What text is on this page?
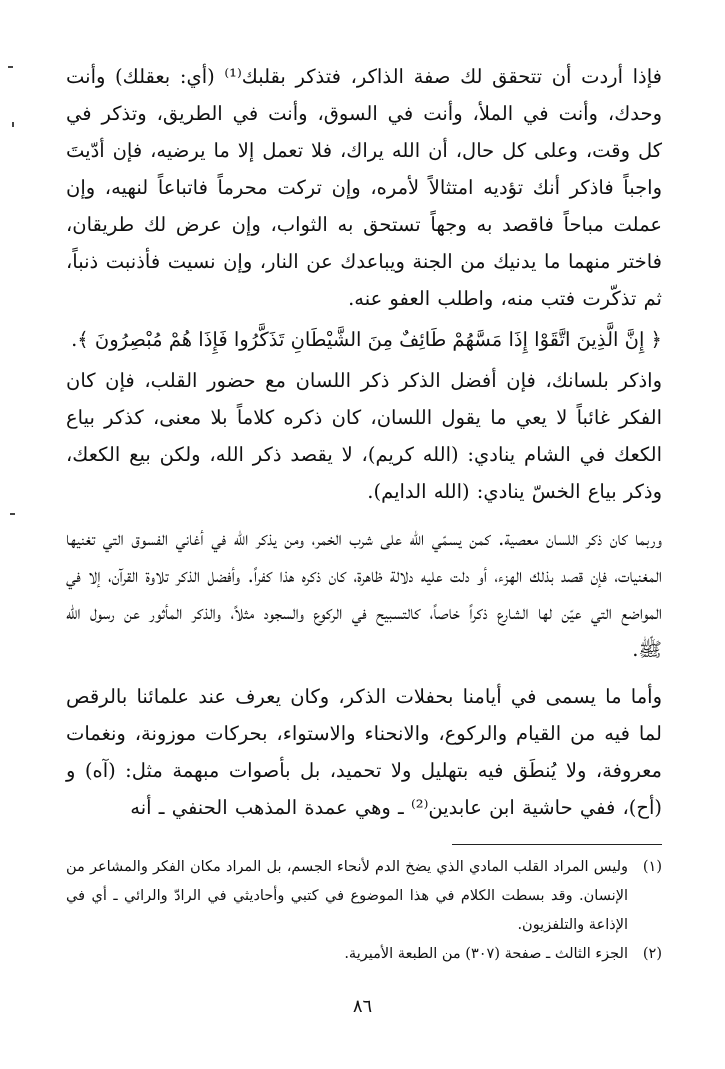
فإذا أردت أن تتحقق لك صفة الذاكر، فتذكر بقلبك⁽¹⁾ (أي: بعقلك) وأنت وحدك، وأنت في الملأ، وأنت في السوق، وأنت في الطريق، وتذكر في كل وقت، وعلى كل حال، أن الله يراك، فلا تعمل إلا ما يرضيه، فإن أدّيتَ واجباً فاذكر أنك تؤديه امتثالاً لأمره، وإن تركت محرماً فاتباعاً لنهيه، وإن عملت مباحاً فاقصد به وجهاً تستحق به الثواب، وإن عرض لك طريقان، فاختر منهما ما يدنيك من الجنة ويباعدك عن النار، وإن نسيت فأذنبت ذنباً، ثم تذكّرت فتب منه، واطلب العفو عنه.

﴿ إِنَّ الَّذِينَ اتَّقَوْا إِذَا مَسَّهُمْ طَائِفٌ مِنَ الشَّيْطَانِ تَذَكَّرُوا فَإِذَا هُمْ مُبْصِرُونَ ﴾.

واذكر بلسانك، فإن أفضل الذكر ذكر اللسان مع حضور القلب، فإن كان الفكر غائباً لا يعي ما يقول اللسان، كان ذكره كلاماً بلا معنى، كذكر بياع الكعك في الشام ينادي: (الله كريم)، لا يقصد ذكر الله، ولكن بيع الكعك، وذكر بياع الخسّ ينادي: (الله الدايم).

وربما كان ذكر اللسان معصية. كمن يسمّي الله على شرب الخمر، ومن يذكر الله في أغاني الفسوق التي تغنيها المغنيات، فإن قصد بذلك الهزء، أو دلت عليه دلالة ظاهرة، كان ذكره هذا كفراً. وأفضل الذكر تلاوة القرآن، إلا في المواضع التي عيّن لها الشارع ذكراً خاصاً، كالتسبيح في الركوع والسجود مثلاً، والذكر المأثور عن رسول الله ﷺ.

وأما ما يسمى في أيامنا بحفلات الذكر، وكان يعرف عند علمائنا بالرقص لما فيه من القيام والركوع، والانحناء والاستواء، بحركات موزونة، ونغمات معروفة، ولا يُنطَق فيه بتهليل ولا تحميد، بل بأصوات مبهمة مثل: (آه) و (أح)، ففي حاشية ابن عابدين⁽²⁾ ـ وهي عمدة المذهب الحنفي ـ أنه

(١)
وليس المراد القلب المادي الذي يضخ الدم لأنحاء الجسم، بل المراد مكان الفكر والمشاعر من الإنسان. وقد بسطت الكلام في هذا الموضوع في كتبي وأحاديثي في الرادّ والرائي ـ أي في الإذاعة والتلفزيون.
(٢)
الجزء الثالث ـ صفحة (٣٠٧) من الطبعة الأميرية.
٨٦
